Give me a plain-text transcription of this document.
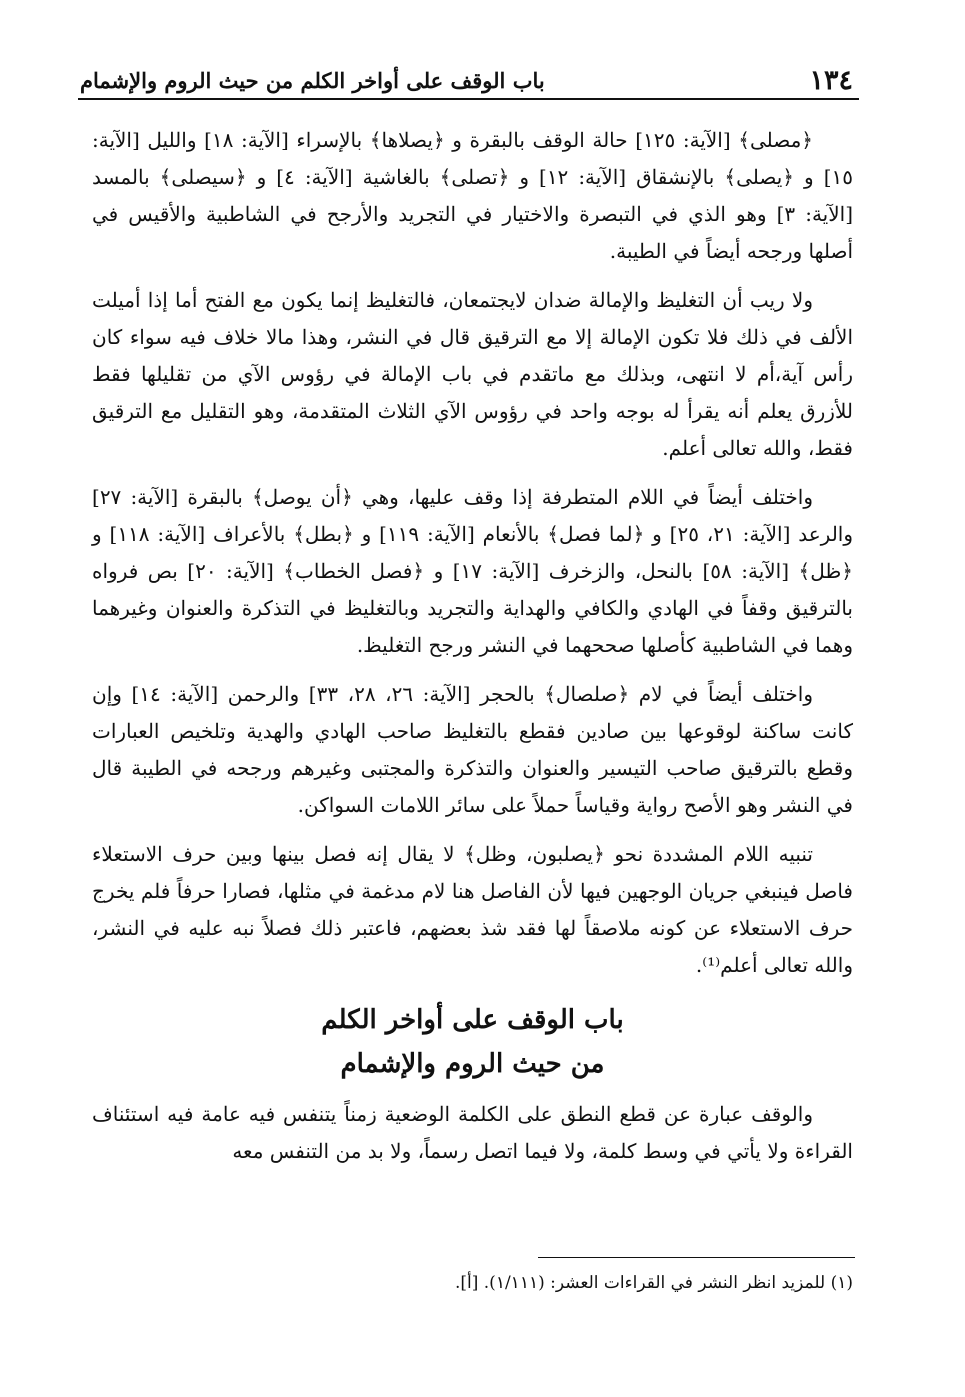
١٣٤
باب الوقف على أواخر الكلم من حيث الروم والإشمام

﴿مصلى﴾ [الآية: ١٢٥] حالة الوقف بالبقرة و ﴿يصلاها﴾ بالإسراء [الآية: ١٨] والليل [الآية: ١٥] و ﴿يصلى﴾ بالإنشقاق [الآية: ١٢] و ﴿تصلى﴾ بالغاشية [الآية: ٤] و ﴿سيصلى﴾ بالمسد [الآية: ٣] وهو الذي في التبصرة والاختيار في التجريد والأرجح في الشاطبية والأقيس في أصلها ورجحه أيضاً في الطيبة.

ولا ريب أن التغليظ والإمالة ضدان لايجتمعان، فالتغليظ إنما يكون مع الفتح أما إذا أميلت الألف في ذلك فلا تكون الإمالة إلا مع الترقيق قال في النشر، وهذا مالا خلاف فيه سواء كان رأس آية،أم لا انتهى، وبذلك مع ماتقدم في باب الإمالة في رؤوس الآي من تقليلها فقط للأزرق يعلم أنه يقرأ له بوجه واحد في رؤوس الآي الثلاث المتقدمة، وهو التقليل مع الترقيق فقط، والله تعالى أعلم.

واختلف أيضاً في اللام المتطرفة إذا وقف عليها، وهي ﴿أن يوصل﴾ بالبقرة [الآية: ٢٧] والرعد [الآية: ٢١، ٢٥] و ﴿لما فصل﴾ بالأنعام [الآية: ١١٩] و ﴿بطل﴾ بالأعراف [الآية: ١١٨] و ﴿ظل﴾ [الآية: ٥٨] بالنحل، والزخرف [الآية: ١٧] و ﴿فصل الخطاب﴾ [الآية: ٢٠] بص فرواه بالترقيق وقفاً في الهادي والكافي والهداية والتجريد وبالتغليظ في التذكرة والعنوان وغيرهما وهما في الشاطبية كأصلها صححهما في النشر ورجح التغليظ.

واختلف أيضاً في لام ﴿صلصال﴾ بالحجر [الآية: ٢٦، ٢٨، ٣٣] والرحمن [الآية: ١٤] وإن كانت ساكنة لوقوعها بين صادين فقطع بالتغليظ صاحب الهادي والهدية وتلخيص العبارات وقطع بالترقيق صاحب التيسير والعنوان والتذكرة والمجتبى وغيرهم ورجحه في الطيبة قال في النشر وهو الأصح رواية وقياساً حملاً على سائر اللامات السواكن.

تنبيه اللام المشددة نحو ﴿يصلبون، وظل﴾ لا يقال إنه فصل بينها وبين حرف الاستعلاء فاصل فينبغي جريان الوجهين فيها لأن الفاصل هنا لام مدغمة في مثلها، فصارا حرفاً فلم يخرج حرف الاستعلاء عن كونه ملاصقاً لها فقد شذ بعضهم، فاعتبر ذلك فصلاً نبه عليه في النشر، والله تعالى أعلم⁽¹⁾.

باب الوقف على أواخر الكلم
من حيث الروم والإشمام

والوقف عبارة عن قطع النطق على الكلمة الوضعية زمناً يتنفس فيه عامة فيه استئناف القراءة ولا يأتي في وسط كلمة، ولا فيما اتصل رسماً، ولا بد من التنفس معه

(١) للمزيد انظر النشر في القراءات العشر: (١/١١١). [أ].
